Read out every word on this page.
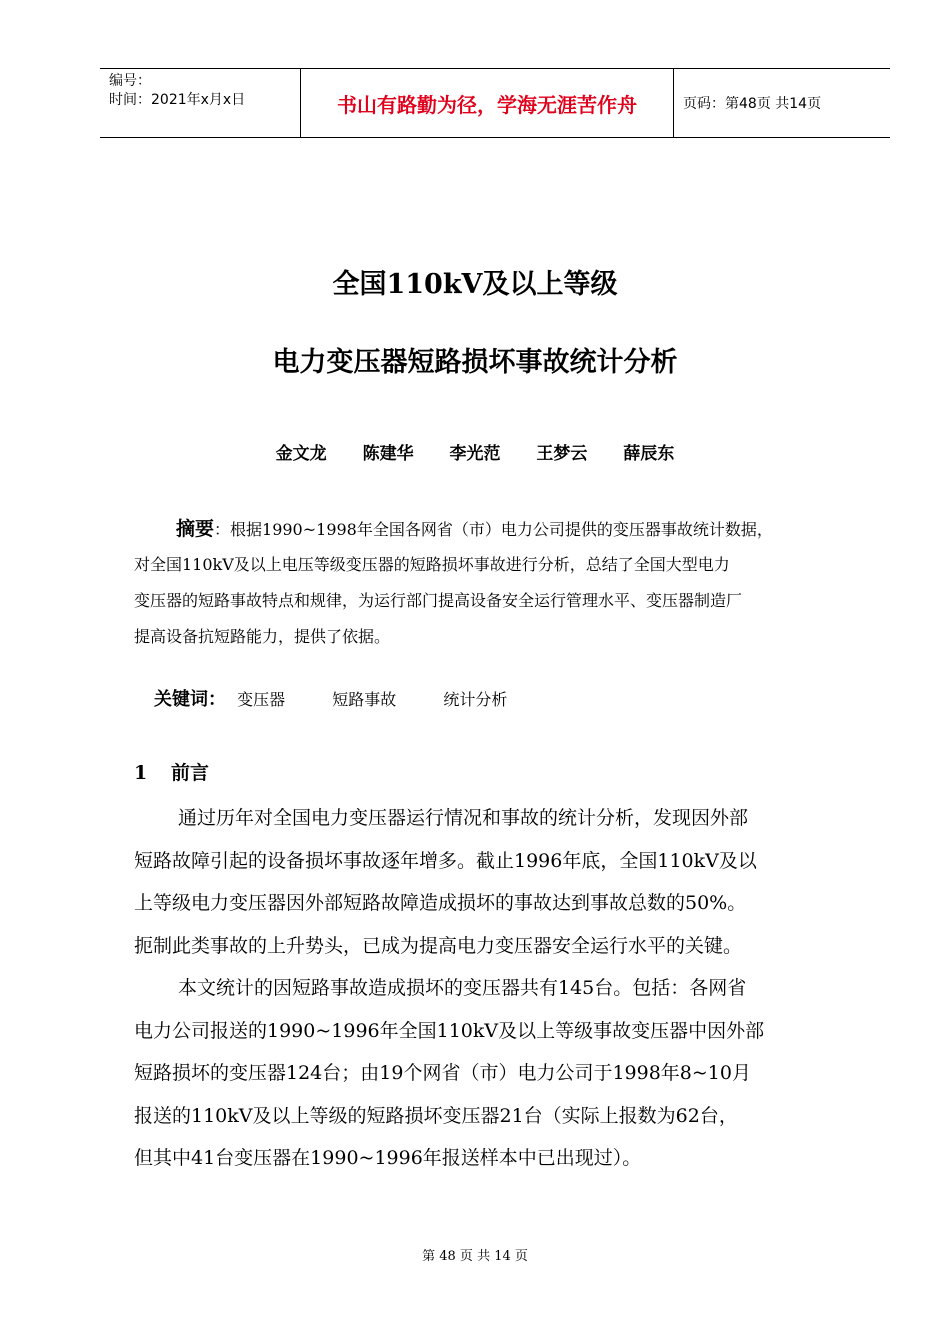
编号：
时间：2021年x月x日	书山有路勤为径，学海无涯苦作舟	页码：第48页 共14页
全国110kV及以上等级
电力变压器短路损坏事故统计分析
金文龙 陈建华 李光范 王梦云 薛辰东
摘要：根据1990~1998年全国各网省（市）电力公司提供的变压器事故统计数据，
对全国110kV及以上电压等级变压器的短路损坏事故进行分析，总结了全国大型电力
变压器的短路事故特点和规律，为运行部门提高设备安全运行管理水平、变压器制造厂
提高设备抗短路能力，提供了依据。
关键词： 变压器	短路事故	统计分析
1 前言
通过历年对全国电力变压器运行情况和事故的统计分析，发现因外部
短路故障引起的设备损坏事故逐年增多。截止1996年底，全国110kV及以
上等级电力变压器因外部短路故障造成损坏的事故达到事故总数的50%。
扼制此类事故的上升势头，已成为提高电力变压器安全运行水平的关键。
本文统计的因短路事故造成损坏的变压器共有145台。包括：各网省
电力公司报送的1990~1996年全国110kV及以上等级事故变压器中因外部
短路损坏的变压器124台；由19个网省（市）电力公司于1998年8~10月
报送的110kV及以上等级的短路损坏变压器21台（实际上报数为62台，
但其中41台变压器在1990~1996年报送样本中已出现过）。
第 48 页 共 14 页
